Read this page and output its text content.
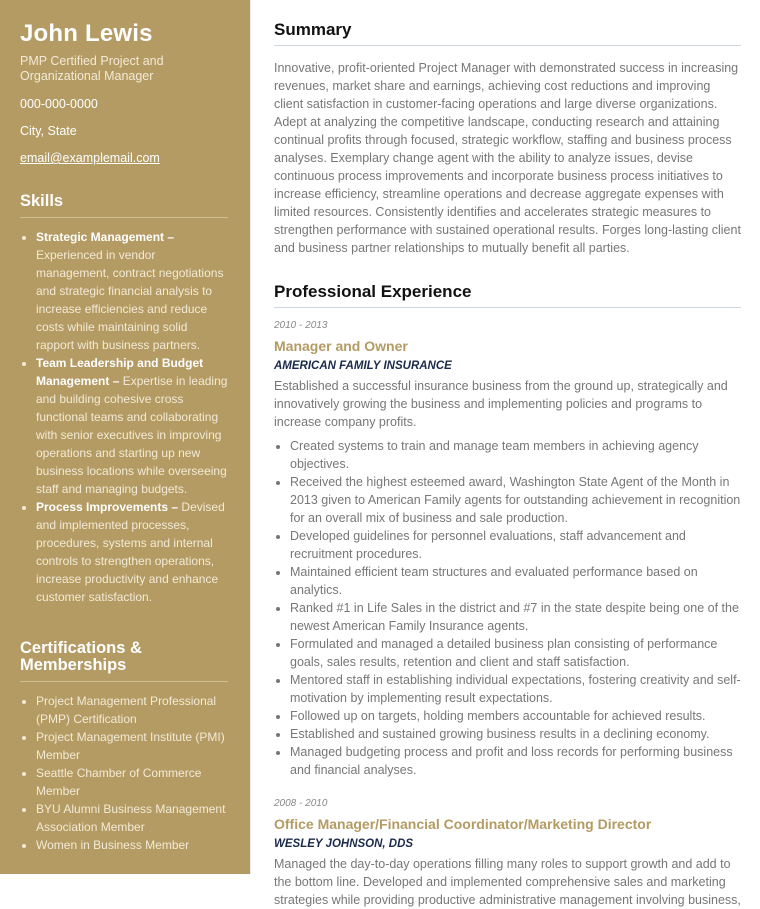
John Lewis
PMP Certified Project and Organizational Manager
000-000-0000
City, State
email@examplemail.com
Skills
• Strategic Management – Experienced in vendor management, contract negotiations and strategic financial analysis to increase efficiencies and reduce costs while maintaining solid rapport with business partners.
• Team Leadership and Budget Management – Expertise in leading and building cohesive cross functional teams and collaborating with senior executives in improving operations and starting up new business locations while overseeing staff and managing budgets.
• Process Improvements – Devised and implemented processes, procedures, systems and internal controls to strengthen operations, increase productivity and enhance customer satisfaction.
Certifications & Memberships
• Project Management Professional (PMP) Certification
• Project Management Institute (PMI) Member
• Seattle Chamber of Commerce Member
• BYU Alumni Business Management Association Member
• Women in Business Member
Summary
Innovative, profit-oriented Project Manager with demonstrated success in increasing revenues, market share and earnings, achieving cost reductions and improving client satisfaction in customer-facing operations and large diverse organizations. Adept at analyzing the competitive landscape, conducting research and attaining continual profits through focused, strategic workflow, staffing and business process analyses. Exemplary change agent with the ability to analyze issues, devise continuous process improvements and incorporate business process initiatives to increase efficiency, streamline operations and decrease aggregate expenses with limited resources. Consistently identifies and accelerates strategic measures to strengthen performance with sustained operational results. Forges long-lasting client and business partner relationships to mutually benefit all parties.
Professional Experience
2010 - 2013
Manager and Owner
AMERICAN FAMILY INSURANCE
Established a successful insurance business from the ground up, strategically and innovatively growing the business and implementing policies and programs to increase company profits.
• Created systems to train and manage team members in achieving agency objectives.
• Received the highest esteemed award, Washington State Agent of the Month in 2013 given to American Family agents for outstanding achievement in recognition for an overall mix of business and sale production.
• Developed guidelines for personnel evaluations, staff advancement and recruitment procedures.
• Maintained efficient team structures and evaluated performance based on analytics.
• Ranked #1 in Life Sales in the district and #7 in the state despite being one of the newest American Family Insurance agents.
• Formulated and managed a detailed business plan consisting of performance goals, sales results, retention and client and staff satisfaction.
• Mentored staff in establishing individual expectations, fostering creativity and self-motivation by implementing result expectations.
• Followed up on targets, holding members accountable for achieved results.
• Established and sustained growing business results in a declining economy.
• Managed budgeting process and profit and loss records for performing business and financial analyses.
2008 - 2010
Office Manager/Financial Coordinator/Marketing Director
WESLEY JOHNSON, DDS
Managed the day-to-day operations filling many roles to support growth and add to the bottom line. Developed and implemented comprehensive sales and marketing strategies while providing productive administrative management involving business,
